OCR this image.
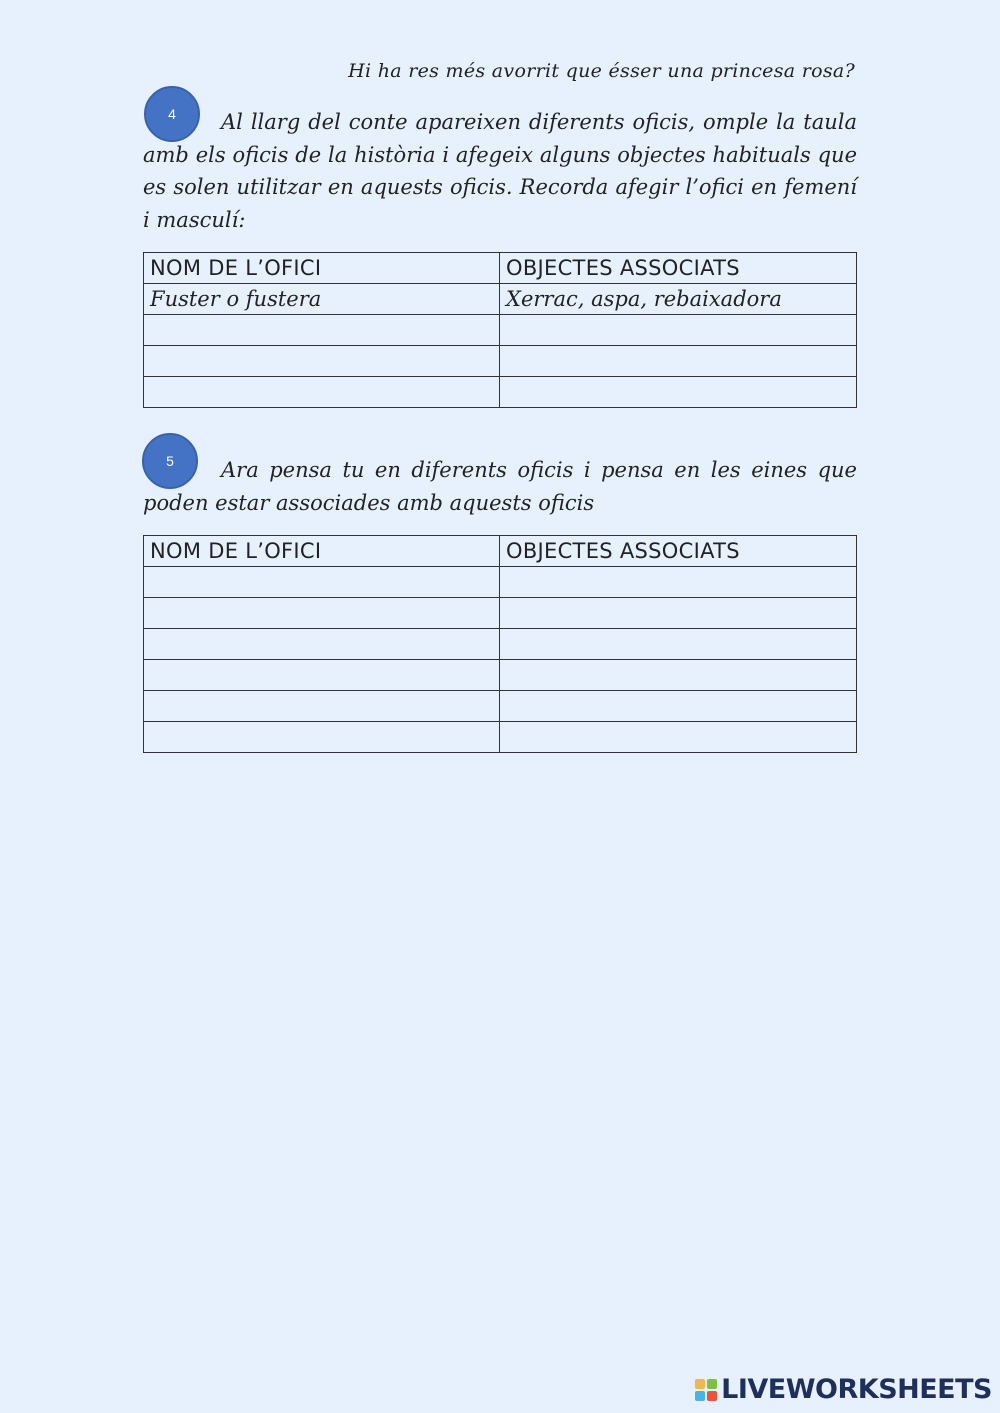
Hi ha res més avorrit que ésser una princesa rosa?
4	Al llarg del conte apareixen diferents oficis, omple la taula amb els oficis de la història i afegeix alguns objectes habituals que es solen utilitzar en aquests oficis. Recorda afegir l’ofici en femení i masculí:

NOM DE L’OFICI	OBJECTES ASSOCIATS
Fuster o fustera	Xerrac, aspa, rebaixadora

5	Ara pensa tu en diferents oficis i pensa en les eines que poden estar associades amb aquests oficis

NOM DE L’OFICI	OBJECTES ASSOCIATS

LIVEWORKSHEETS
